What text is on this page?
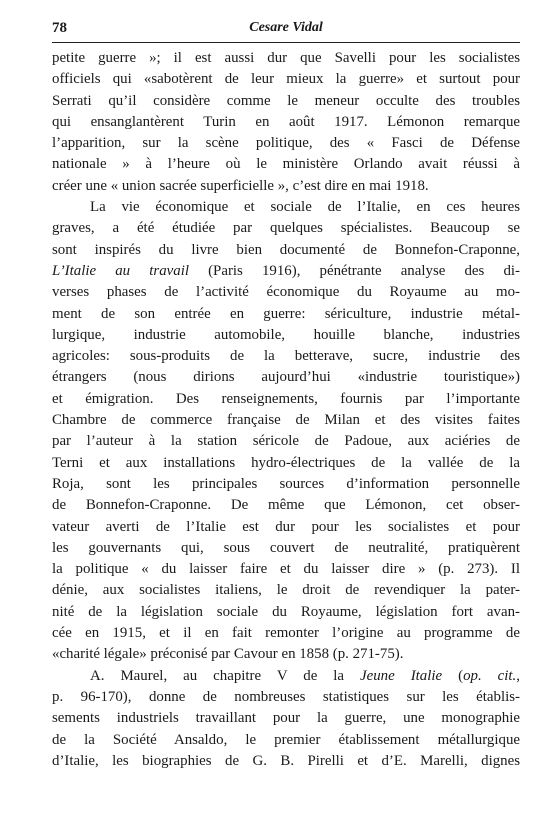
78	Cesare Vidal
petite guerre »; il est aussi dur que Savelli pour les socialistes
officiels qui «sabotèrent de leur mieux la guerre» et surtout pour
Serrati qu’il considère comme le meneur occulte des troubles
qui ensanglantèrent Turin en août 1917. Lémonon remarque
l’apparition, sur la scène politique, des « Fasci de Défense
nationale » à l’heure où le ministère Orlando avait réussi à
créer une « union sacrée superficielle », c’est dire en mai 1918.
La vie économique et sociale de l’Italie, en ces heures
graves, a été étudiée par quelques spécialistes. Beaucoup se
sont inspirés du livre bien documenté de Bonnefon-Craponne,
L’Italie au travail (Paris 1916), pénétrante analyse des di-
verses phases de l’activité économique du Royaume au mo-
ment de son entrée en guerre: sériculture, industrie métal-
lurgique, industrie automobile, houille blanche, industries
agricoles: sous-produits de la betterave, sucre, industrie des
étrangers (nous dirions aujourd’hui «industrie touristique»)
et émigration. Des renseignements, fournis par l’importante
Chambre de commerce française de Milan et des visites faites
par l’auteur à la station séricole de Padoue, aux aciéries de
Terni et aux installations hydro-électriques de la vallée de la
Roja, sont les principales sources d’information personnelle
de Bonnefon-Craponne. De même que Lémonon, cet obser-
vateur averti de l’Italie est dur pour les socialistes et pour
les gouvernants qui, sous couvert de neutralité, pratiquèrent
la politique « du laisser faire et du laisser dire » (p. 273). Il
dénie, aux socialistes italiens, le droit de revendiquer la pater-
nité de la législation sociale du Royaume, législation fort avan-
cée en 1915, et il en fait remonter l’origine au programme de
«charité légale» préconisé par Cavour en 1858 (p. 271-75).
A. Maurel, au chapitre V de la Jeune Italie (op. cit.,
p. 96-170), donne de nombreuses statistiques sur les établis-
sements industriels travaillant pour la guerre, une monographie
de la Société Ansaldo, le premier établissement métallurgique
d’Italie, les biographies de G. B. Pirelli et d’E. Marelli, dignes
